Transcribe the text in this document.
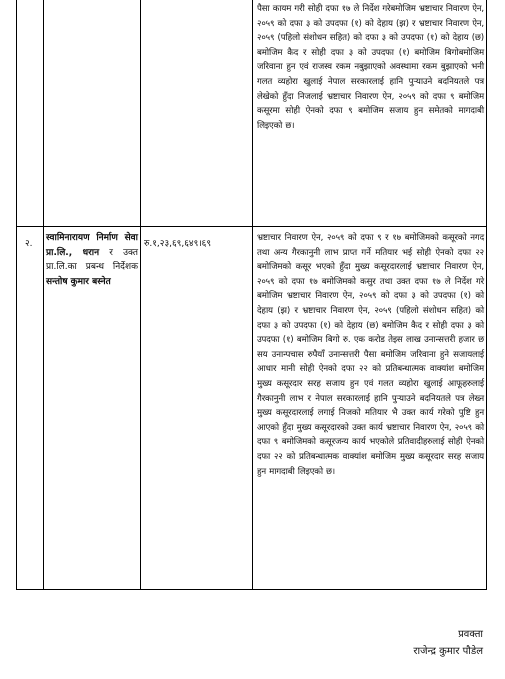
पैसा कायम गरी सोही दफा १७ ले निर्देश गरेबमोजिम भ्रष्टाचार निवारण ऐन, २०५९ को दफा ३ को उपदफा (१) को देहाय (झ) र भ्रष्टाचार निवारण ऐन, २०५९ (पहिलो संशोधन सहित) को दफा ३ को उपदफा (१) को देहाय (छ) बमोजिम कैद र सोही दफा ३ को उपदफा (१) बमोजिम बिगोबमोजिम जरिवाना हुन एवं राजस्व रकम नबुझाएको अवस्थामा रकम बुझाएको भनी गलत व्यहोरा खुलाई नेपाल सरकारलाई हानि पुऱ्याउने बदनियतले पत्र लेखेको हुँदा निजलाई भ्रष्टाचार निवारण ऐन, २०५९ को दफा ९ बमोजिम कसूरमा सोही ऐनको दफा ९ बमोजिम सजाय हुन समेतको मागदाबी लिइएको छ।

२.

स्वामिनारायण निर्माण सेवा प्रा.लि., धरान र उक्त प्रा.लि.का प्रबन्ध निर्देशक सन्तोष कुमार बस्नेत

रु.१,२३,६९,६४९।६९

भ्रष्टाचार निवारण ऐन, २०५९ को दफा ९ र १७ बमोजिमको कसूरको नगद तथा अन्य गैरकानुनी लाभ प्राप्त गर्ने मतियार भई सोही ऐनको दफा २२ बमोजिमको कसूर भएको हुँदा मुख्य कसूरदारलाई भ्रष्टाचार निवारण ऐन, २०५९ को दफा १७ बमोजिमको कसुर तथा उक्त दफा १७ ले निर्देश गरे बमोजिम भ्रष्टाचार निवारण ऐन, २०५९ को दफा ३ को उपदफा (१) को देहाय (झ) र भ्रष्टाचार निवारण ऐन, २०५९ (पहिलो संशोधन सहित) को दफा ३ को उपदफा (१) को देहाय (छ) बमोजिम कैद र सोही दफा ३ को उपदफा (१) बमोजिम बिगो रु. एक करोड तेइस लाख उनान्सत्तरी हजार छ सय उनान्पचास रुपैयाँ उनान्सत्तरी पैसा बमोजिम जरिवाना हुने सजायलाई आधार मानी सोही ऐनको दफा २२ को प्रतिबन्धात्मक वाक्यांश बमोजिम मुख्य कसूरदार सरह सजाय हुन एवं गलत व्यहोरा खुलाई आफूहरुलाई गैरकानुनी लाभ र नेपाल सरकारलाई हानि पुऱ्याउने बदनियतले पत्र लेख्न मुख्य कसूरदारलाई लगाई निजको मतियार भै उक्त कार्य गरेको पुष्टि हुन आएको हुँदा मुख्य कसूरदारको उक्त कार्य भ्रष्टाचार निवारण ऐन, २०५९ को दफा ९ बमोजिमको कसूरजन्य कार्य भएकोले प्रतिवादीहरुलाई सोही ऐनको दफा २२ को प्रतिबन्धात्मक वाक्यांश बमोजिम मुख्य कसूरदार सरह सजाय हुन मागदाबी लिइएको छ।

प्रवक्ता
राजेन्द्र कुमार पौडेल
